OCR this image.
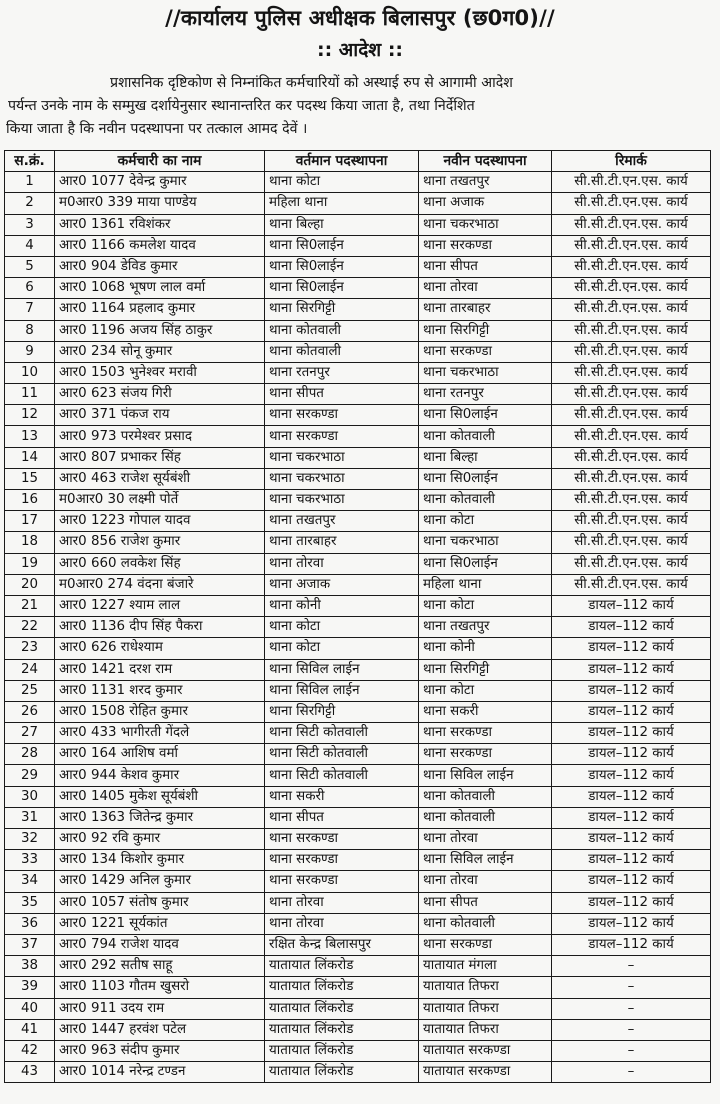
//कार्यालय पुलिस अधीक्षक बिलासपुर (छ0ग0)//
:: आदेश ::
प्रशासनिक दृष्टिकोण से निम्नांकित कर्मचारियों को अस्थाई रुप से आगामी आदेश
पर्यन्त उनके नाम के सम्मुख दर्शायेनुसार स्थानान्तरित कर पदस्थ किया जाता है, तथा निर्देशित
किया जाता है कि नवीन पदस्थापना पर तत्काल आमद देवें ।
स.क्रं.	कर्मचारी का नाम	वर्तमान पदस्थापना	नवीन पदस्थापना	रिमार्क
1	आर0 1077 देवेन्द्र कुमार	थाना कोटा	थाना तखतपुर	सी.सी.टी.एन.एस. कार्य
2	म0आर0 339 माया पाण्डेय	महिला थाना	थाना अजाक	सी.सी.टी.एन.एस. कार्य
3	आर0 1361 रविशंकर	थाना बिल्हा	थाना चकरभाठा	सी.सी.टी.एन.एस. कार्य
4	आर0 1166 कमलेश यादव	थाना सि0लाईन	थाना सरकण्डा	सी.सी.टी.एन.एस. कार्य
5	आर0 904 डेविड कुमार	थाना सि0लाईन	थाना सीपत	सी.सी.टी.एन.एस. कार्य
6	आर0 1068 भूषण लाल वर्मा	थाना सि0लाईन	थाना तोरवा	सी.सी.टी.एन.एस. कार्य
7	आर0 1164 प्रहलाद कुमार	थाना सिरगिट्टी	थाना तारबाहर	सी.सी.टी.एन.एस. कार्य
8	आर0 1196 अजय सिंह ठाकुर	थाना कोतवाली	थाना सिरगिट्टी	सी.सी.टी.एन.एस. कार्य
9	आर0 234 सोनू कुमार	थाना कोतवाली	थाना सरकण्डा	सी.सी.टी.एन.एस. कार्य
10	आर0 1503 भुनेश्वर मरावी	थाना रतनपुर	थाना चकरभाठा	सी.सी.टी.एन.एस. कार्य
11	आर0 623 संजय गिरी	थाना सीपत	थाना रतनपुर	सी.सी.टी.एन.एस. कार्य
12	आर0 371 पंकज राय	थाना सरकण्डा	थाना सि0लाईन	सी.सी.टी.एन.एस. कार्य
13	आर0 973 परमेश्वर प्रसाद	थाना सरकण्डा	थाना कोतवाली	सी.सी.टी.एन.एस. कार्य
14	आर0 807 प्रभाकर सिंह	थाना चकरभाठा	थाना बिल्हा	सी.सी.टी.एन.एस. कार्य
15	आर0 463 राजेश सूर्यबंशी	थाना चकरभाठा	थाना सि0लाईन	सी.सी.टी.एन.एस. कार्य
16	म0आर0 30 लक्ष्मी पोर्ते	थाना चकरभाठा	थाना कोतवाली	सी.सी.टी.एन.एस. कार्य
17	आर0 1223 गोपाल यादव	थाना तखतपुर	थाना कोटा	सी.सी.टी.एन.एस. कार्य
18	आर0 856 राजेश कुमार	थाना तारबाहर	थाना चकरभाठा	सी.सी.टी.एन.एस. कार्य
19	आर0 660 लवकेश सिंह	थाना तोरवा	थाना सि0लाईन	सी.सी.टी.एन.एस. कार्य
20	म0आर0 274 वंदना बंजारे	थाना अजाक	महिला थाना	सी.सी.टी.एन.एस. कार्य
21	आर0 1227 श्याम लाल	थाना कोनी	थाना कोटा	डायल–112 कार्य
22	आर0 1136 दीप सिंह पैकरा	थाना कोटा	थाना तखतपुर	डायल–112 कार्य
23	आर0 626 राधेश्याम	थाना कोटा	थाना कोनी	डायल–112 कार्य
24	आर0 1421 दरश राम	थाना सिविल लाईन	थाना सिरगिट्टी	डायल–112 कार्य
25	आर0 1131 शरद कुमार	थाना सिविल लाईन	थाना कोटा	डायल–112 कार्य
26	आर0 1508 रोहित कुमार	थाना सिरगिट्टी	थाना सकरी	डायल–112 कार्य
27	आर0 433 भागीरती गेंदले	थाना सिटी कोतवाली	थाना सरकण्डा	डायल–112 कार्य
28	आर0 164 आशिष वर्मा	थाना सिटी कोतवाली	थाना सरकण्डा	डायल–112 कार्य
29	आर0 944 केशव कुमार	थाना सिटी कोतवाली	थाना सिविल लाईन	डायल–112 कार्य
30	आर0 1405 मुकेश सूर्यबंशी	थाना सकरी	थाना कोतवाली	डायल–112 कार्य
31	आर0 1363 जितेन्द्र कुमार	थाना सीपत	थाना कोतवाली	डायल–112 कार्य
32	आर0 92 रवि कुमार	थाना सरकण्डा	थाना तोरवा	डायल–112 कार्य
33	आर0 134 किशोर कुमार	थाना सरकण्डा	थाना सिविल लाईन	डायल–112 कार्य
34	आर0 1429 अनिल कुमार	थाना सरकण्डा	थाना तोरवा	डायल–112 कार्य
35	आर0 1057 संतोष कुमार	थाना तोरवा	थाना सीपत	डायल–112 कार्य
36	आर0 1221 सूर्यकांत	थाना तोरवा	थाना कोतवाली	डायल–112 कार्य
37	आर0 794 राजेश यादव	रक्षित केन्द्र बिलासपुर	थाना सरकण्डा	डायल–112 कार्य
38	आर0 292 सतीष साहू	यातायात लिंकरोड	यातायात मंगला	–
39	आर0 1103 गौतम खुसरो	यातायात लिंकरोड	यातायात तिफरा	–
40	आर0 911 उदय राम	यातायात लिंकरोड	यातायात तिफरा	–
41	आर0 1447 हरवंश पटेल	यातायात लिंकरोड	यातायात तिफरा	–
42	आर0 963 संदीप कुमार	यातायात लिंकरोड	यातायात सरकण्डा	–
43	आर0 1014 नरेन्द्र टण्डन	यातायात लिंकरोड	यातायात सरकण्डा	–
